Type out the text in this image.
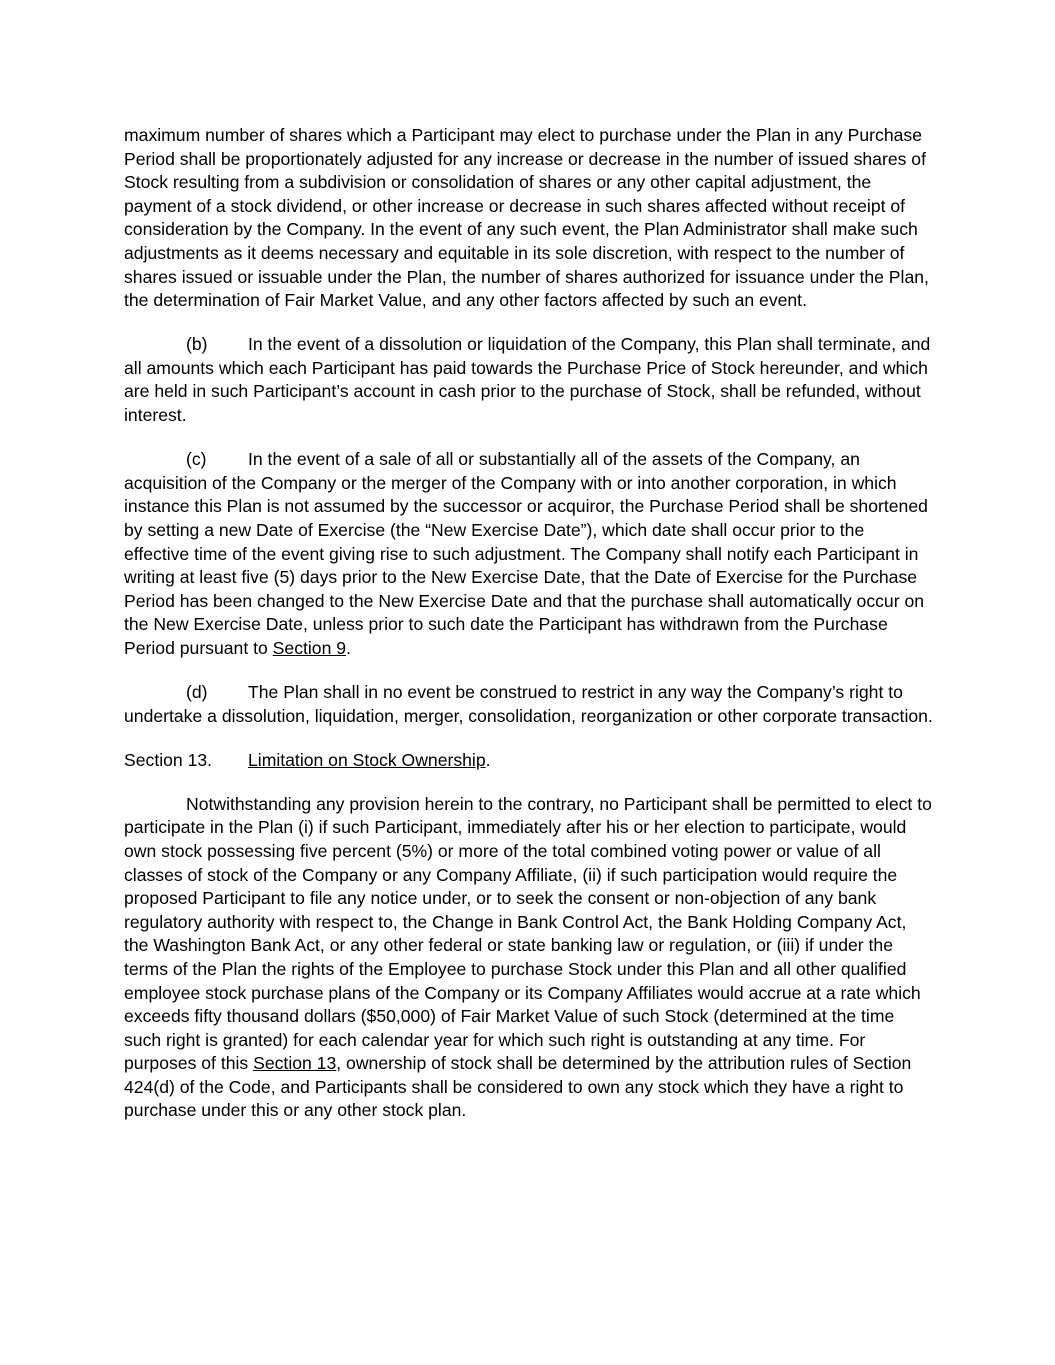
maximum number of shares which a Participant may elect to purchase under the Plan in any Purchase Period shall be proportionately adjusted for any increase or decrease in the number of issued shares of Stock resulting from a subdivision or consolidation of shares or any other capital adjustment, the payment of a stock dividend, or other increase or decrease in such shares affected without receipt of consideration by the Company. In the event of any such event, the Plan Administrator shall make such adjustments as it deems necessary and equitable in its sole discretion, with respect to the number of shares issued or issuable under the Plan, the number of shares authorized for issuance under the Plan, the determination of Fair Market Value, and any other factors affected by such an event.

(b) In the event of a dissolution or liquidation of the Company, this Plan shall terminate, and all amounts which each Participant has paid towards the Purchase Price of Stock hereunder, and which are held in such Participant’s account in cash prior to the purchase of Stock, shall be refunded, without interest.

(c) In the event of a sale of all or substantially all of the assets of the Company, an acquisition of the Company or the merger of the Company with or into another corporation, in which instance this Plan is not assumed by the successor or acquiror, the Purchase Period shall be shortened by setting a new Date of Exercise (the “New Exercise Date”), which date shall occur prior to the effective time of the event giving rise to such adjustment. The Company shall notify each Participant in writing at least five (5) days prior to the New Exercise Date, that the Date of Exercise for the Purchase Period has been changed to the New Exercise Date and that the purchase shall automatically occur on the New Exercise Date, unless prior to such date the Participant has withdrawn from the Purchase Period pursuant to Section 9.

(d) The Plan shall in no event be construed to restrict in any way the Company’s right to undertake a dissolution, liquidation, merger, consolidation, reorganization or other corporate transaction.

Section 13. Limitation on Stock Ownership.

Notwithstanding any provision herein to the contrary, no Participant shall be permitted to elect to participate in the Plan (i) if such Participant, immediately after his or her election to participate, would own stock possessing five percent (5%) or more of the total combined voting power or value of all classes of stock of the Company or any Company Affiliate, (ii) if such participation would require the proposed Participant to file any notice under, or to seek the consent or non-objection of any bank regulatory authority with respect to, the Change in Bank Control Act, the Bank Holding Company Act, the Washington Bank Act, or any other federal or state banking law or regulation, or (iii) if under the terms of the Plan the rights of the Employee to purchase Stock under this Plan and all other qualified employee stock purchase plans of the Company or its Company Affiliates would accrue at a rate which exceeds fifty thousand dollars ($50,000) of Fair Market Value of such Stock (determined at the time such right is granted) for each calendar year for which such right is outstanding at any time. For purposes of this Section 13, ownership of stock shall be determined by the attribution rules of Section 424(d) of the Code, and Participants shall be considered to own any stock which they have a right to purchase under this or any other stock plan.
